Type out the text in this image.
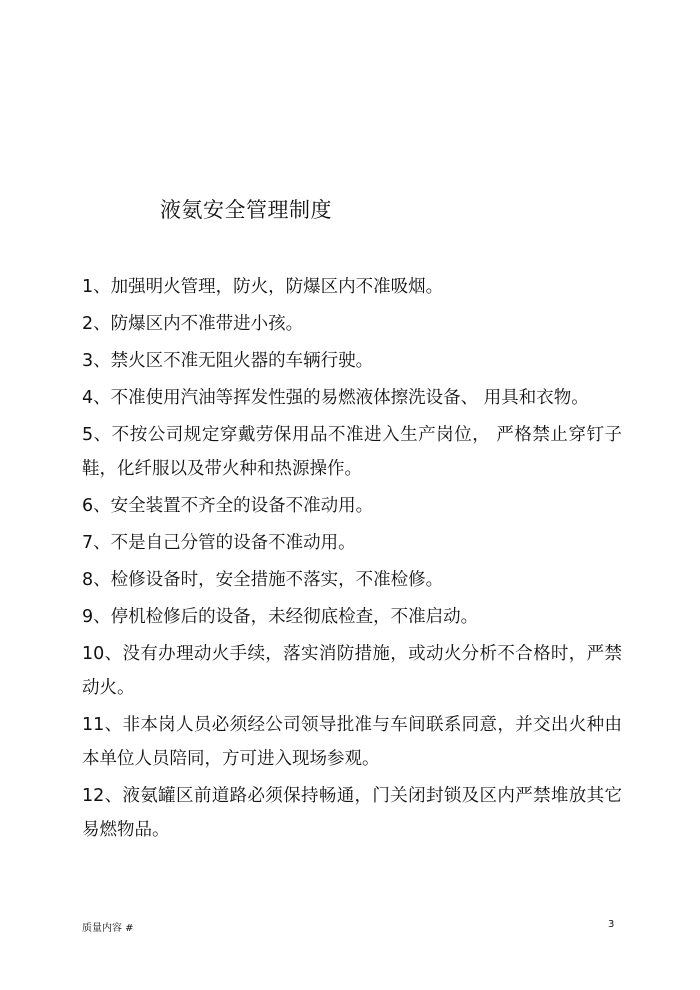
液氨安全管理制度
1、加强明火管理，防火，防爆区内不准吸烟。
2、防爆区内不准带进小孩。
3、禁火区不准无阻火器的车辆行驶。
4、不准使用汽油等挥发性强的易燃液体擦洗设备、 用具和衣物。
5、不按公司规定穿戴劳保用品不准进入生产岗位， 严格禁止穿钉子鞋，化纤服以及带火种和热源操作。
6、安全装置不齐全的设备不准动用。
7、不是自己分管的设备不准动用。
8、检修设备时，安全措施不落实，不准检修。
9、停机检修后的设备，未经彻底检查，不准启动。
10、没有办理动火手续，落实消防措施，或动火分析不合格时，严禁动火。
11、非本岗人员必须经公司领导批准与车间联系同意，并交出火种由本单位人员陪同，方可进入现场参观。
12、液氨罐区前道路必须保持畅通，门关闭封锁及区内严禁堆放其它易燃物品。
质量内容 #	3
